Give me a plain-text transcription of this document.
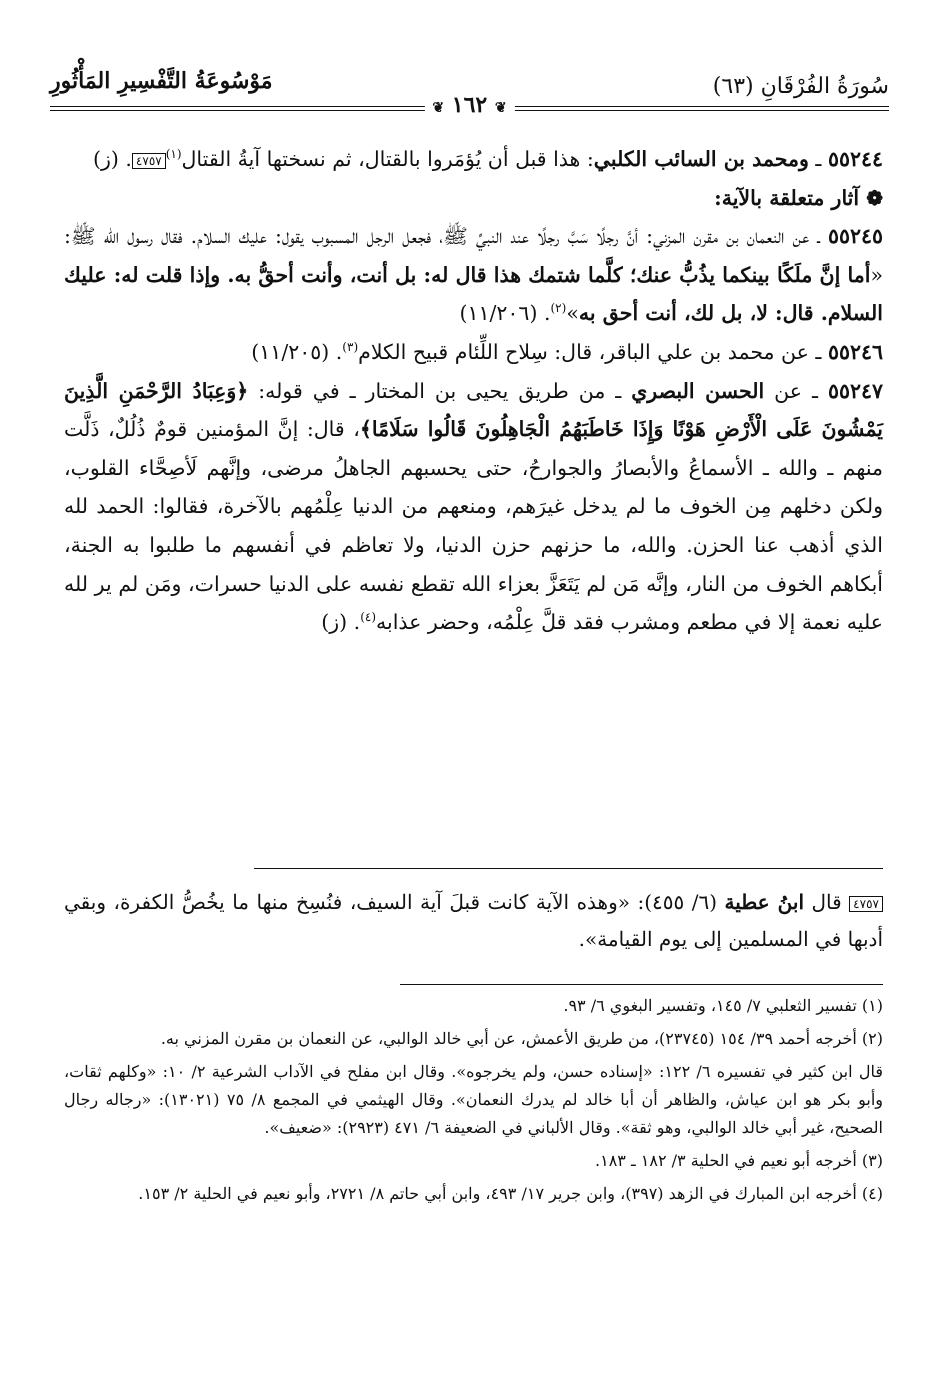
سُورَةُ الفُرْقَانِ (٦٣)
مَوْسُوعَةُ التَّفْسِيرِ المَأْثُورِ
❦ ١٦٢ ❦

٥٥٢٤٤ ـ ومحمد بن السائب الكلبي: هذا قبل أن يُؤمَروا بالقتال، ثم نسختها آيةُ القتال$^{(١)}$٤٧٥٧. (ز)

❁ آثار متعلقة بالآية:

٥٥٢٤٥ ـ عن النعمان بن مقرن المزني: أنَّ رجلًا سَبَّ رجلًا عند النبيِّ ﷺ، فجعل الرجل المسبوب يقول: عليك السلام. فقال رسول الله ﷺ: «أما إنَّ ملَكًا بينكما يذُبُّ عنك؛ كلَّما شتمك هذا قال له: بل أنت، وأنت أحقُّ به. وإذا قلت له: عليك السلام. قال: لا، بل لك، أنت أحق به»$^{(٢)}$. (١١/٢٠٦)

٥٥٢٤٦ ـ عن محمد بن علي الباقر، قال: سِلاح اللِّئام قبيح الكلام$^{(٣)}$. (١١/٢٠٥)

٥٥٢٤٧ ـ عن الحسن البصري ـ من طريق يحيى بن المختار ـ في قوله: ﴿وَعِبَادُ الرَّحْمَنِ الَّذِينَ يَمْشُونَ عَلَى الْأَرْضِ هَوْنًا وَإِذَا خَاطَبَهُمُ الْجَاهِلُونَ قَالُوا سَلَامًا﴾، قال: إنَّ المؤمنين قومٌ ذُلُلٌ، ذَلَّت منهم ـ والله ـ الأسماعُ والأبصارُ والجوارحُ، حتى يحسبهم الجاهلُ مرضى، وإنَّهم لَأصِحَّاء القلوب، ولكن دخلهم مِن الخوف ما لم يدخل غيرَهم، ومنعهم من الدنيا عِلْمُهم بالآخرة، فقالوا: الحمد لله الذي أذهب عنا الحزن. والله، ما حزنهم حزن الدنيا، ولا تعاظم في أنفسهم ما طلبوا به الجنة، أبكاهم الخوف من النار، وإنَّه مَن لم يَتَعَزَّ بعزاء الله تقطع نفسه على الدنيا حسرات، ومَن لم ير لله عليه نعمة إلا في مطعم ومشرب فقد قلَّ عِلْمُه، وحضر عذابه$^{(٤)}$. (ز)

٤٧٥٧ قال ابنُ عطية (٦/ ٤٥٥): «وهذه الآية كانت قبلَ آية السيف، فنُسِخ منها ما يخُصُّ الكفرة، وبقي أدبها في المسلمين إلى يوم القيامة».

(١) تفسير الثعلبي ٧/ ١٤٥، وتفسير البغوي ٦/ ٩٣.

(٢) أخرجه أحمد ٣٩/ ١٥٤ (٢٣٧٤٥)، من طريق الأعمش، عن أبي خالد الوالبي، عن النعمان بن مقرن المزني به.

قال ابن كثير في تفسيره ٦/ ١٢٢: «إسناده حسن، ولم يخرجوه». وقال ابن مفلح في الآداب الشرعية ٢/ ١٠: «وكلهم ثقات، وأبو بكر هو ابن عياش، والظاهر أن أبا خالد لم يدرك النعمان». وقال الهيثمي في المجمع ٨/ ٧٥ (١٣٠٢١): «رجاله رجال الصحيح، غير أبي خالد الوالبي، وهو ثقة». وقال الألباني في الضعيفة ٦/ ٤٧١ (٢٩٢٣): «ضعيف».

(٣) أخرجه أبو نعيم في الحلية ٣/ ١٨٢ ـ ١٨٣.

(٤) أخرجه ابن المبارك في الزهد (٣٩٧)، وابن جرير ١٧/ ٤٩٣، وابن أبي حاتم ٨/ ٢٧٢١، وأبو نعيم في الحلية ٢/ ١٥٣.
